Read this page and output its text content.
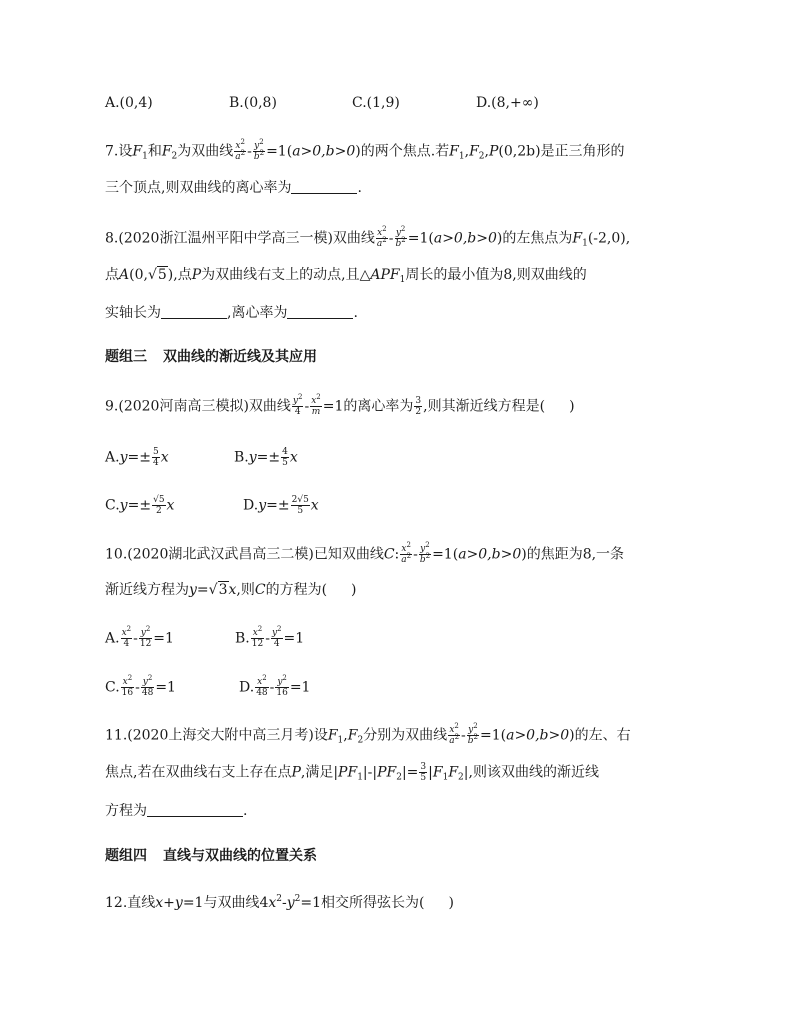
A.(0,4)	B.(0,8)	C.(1,9)	D.(8,+∞)
7.设$F_1$和$F_2$为双曲线 $\frac{x^2}{a^2} - \frac{y^2}{b^2} =1(a>0,b>0)$的两个焦点.若$F_1,F_2,P(0,2b)$是正三角形的
三个顶点,则双曲线的离心率为	.
8.(2020浙江温州平阳中学高三一模)双曲线 $\frac{x^2}{a^2} - \frac{y^2}{b^2} =1(a>0,b>0)$的左焦点为$F_1(-2,0)$,
点A(0,√5),点P为双曲线右支上的动点,且$\triangle APF_1$周长的最小值为8,则双曲线的
实轴长为	,离心率为	.
题组三 双曲线的渐近线及其应用
9.(2020河南高三模拟)双曲线 $\frac{y^2}{4} - \frac{x^2}{m} =1$的离心率为 $\frac{3}{2}$ ,则其渐近线方程是( )
$A.y=\pm \frac{5}{4}$ x	$B.y=\pm \frac{4}{5}$ x
$C.y=\pm \frac{√5}{2}$ x	$D.y=\pm \frac{2√5}{5}$ x
10.(2020湖北武汉武昌高三二模)已知双曲线C: $\frac{x^2}{a^2} - \frac{y^2}{b^2} =1(a>0,b>0)$的焦距为8,一条
渐近线方程为y=√3x,则C的方程为( )
A. $\frac{x^2}{4} - \frac{y^2}{12} =1$	B. $\frac{x^2}{12} - \frac{y^2}{4} =1$
C. $\frac{x^2}{16} - \frac{y^2}{48} =1$	D. $\frac{x^2}{48} - \frac{y^2}{16} =1$
11.(2020上海交大附中高三月考)设$F_1,F_2$分别为双曲线 $\frac{x^2}{a^2} - \frac{y^2}{b^2} =1(a>0,b>0)$的左、右
焦点,若在双曲线右支上存在点P,满足$|PF_1|-|PF_2|= \frac{3}{5} |F_1F_2|$,则该双曲线的渐近线
方程为	.
题组四 直线与双曲线的位置关系
12.直线x+y=1与双曲线$4x^2-y^2=1$相交所得弦长为( )
